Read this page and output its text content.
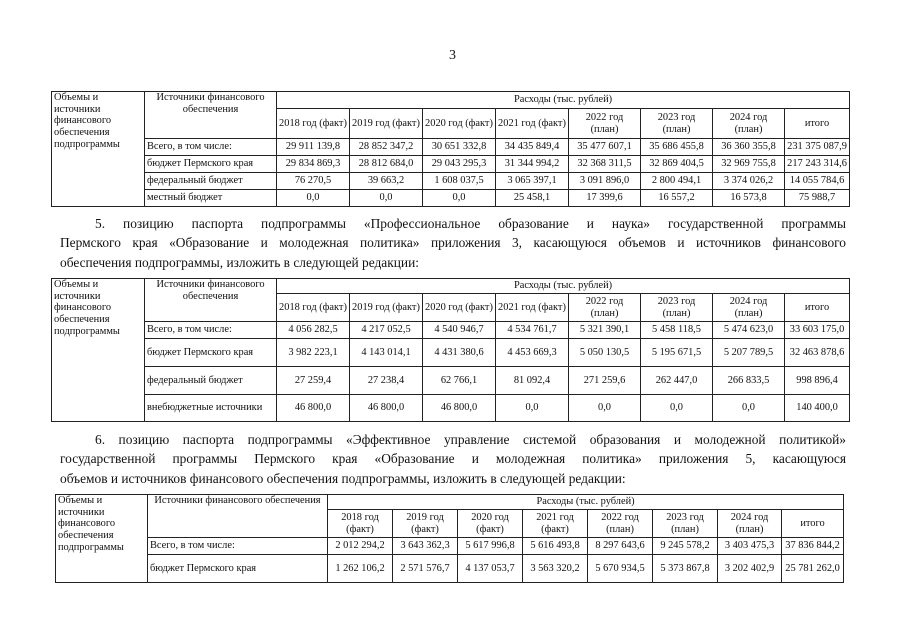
3
Объемы и источники финансового обеспечения подпрограммы	Источники финансового обеспечения	Расходы (тыс. рублей)							
		2018 год (факт)	2019 год (факт)	2020 год (факт)	2021 год (факт)	2022 год (план)	2023 год (план)	2024 год (план)	итого
	Всего, в том числе:	29 911 139,8	28 852 347,2	30 651 332,8	34 435 849,4	35 477 607,1	35 686 455,8	36 360 355,8	231 375 087,9
	бюджет Пермского края	29 834 869,3	28 812 684,0	29 043 295,3	31 344 994,2	32 368 311,5	32 869 404,5	32 969 755,8	217 243 314,6
	федеральный бюджет	76 270,5	39 663,2	1 608 037,5	3 065 397,1	3 091 896,0	2 800 494,1	3 374 026,2	14 055 784,6
	местный бюджет	0,0	0,0	0,0	25 458,1	17 399,6	16 557,2	16 573,8	75 988,7
5. позицию паспорта подпрограммы «Профессиональное образование и наука» государственной программы
Пермского края «Образование и молодежная политика» приложения 3, касающуюся объемов и источников финансового
обеспечения подпрограммы, изложить в следующей редакции:
Объемы и источники финансового обеспечения подпрограммы	Источники финансового обеспечения	Расходы (тыс. рублей)							
		2018 год (факт)	2019 год (факт)	2020 год (факт)	2021 год (факт)	2022 год (план)	2023 год (план)	2024 год (план)	итого
	Всего, в том числе:	4 056 282,5	4 217 052,5	4 540 946,7	4 534 761,7	5 321 390,1	5 458 118,5	5 474 623,0	33 603 175,0
	бюджет Пермского края	3 982 223,1	4 143 014,1	4 431 380,6	4 453 669,3	5 050 130,5	5 195 671,5	5 207 789,5	32 463 878,6
	федеральный бюджет	27 259,4	27 238,4	62 766,1	81 092,4	271 259,6	262 447,0	266 833,5	998 896,4
	внебюджетные источники	46 800,0	46 800,0	46 800,0	0,0	0,0	0,0	0,0	140 400,0
6. позицию паспорта подпрограммы «Эффективное управление системой образования и молодежной политикой»
государственной программы Пермского края «Образование и молодежная политика» приложения 5, касающуюся
объемов и источников финансового обеспечения подпрограммы, изложить в следующей редакции:
Объемы и источники финансового обеспечения подпрограммы	Источники финансового обеспечения	Расходы (тыс. рублей)							
		2018 год (факт)	2019 год (факт)	2020 год (факт)	2021 год (факт)	2022 год (план)	2023 год (план)	2024 год (план)	итого
	Всего, в том числе:	2 012 294,2	3 643 362,3	5 617 996,8	5 616 493,8	8 297 643,6	9 245 578,2	3 403 475,3	37 836 844,2
	бюджет Пермского края	1 262 106,2	2 571 576,7	4 137 053,7	3 563 320,2	5 670 934,5	5 373 867,8	3 202 402,9	25 781 262,0
